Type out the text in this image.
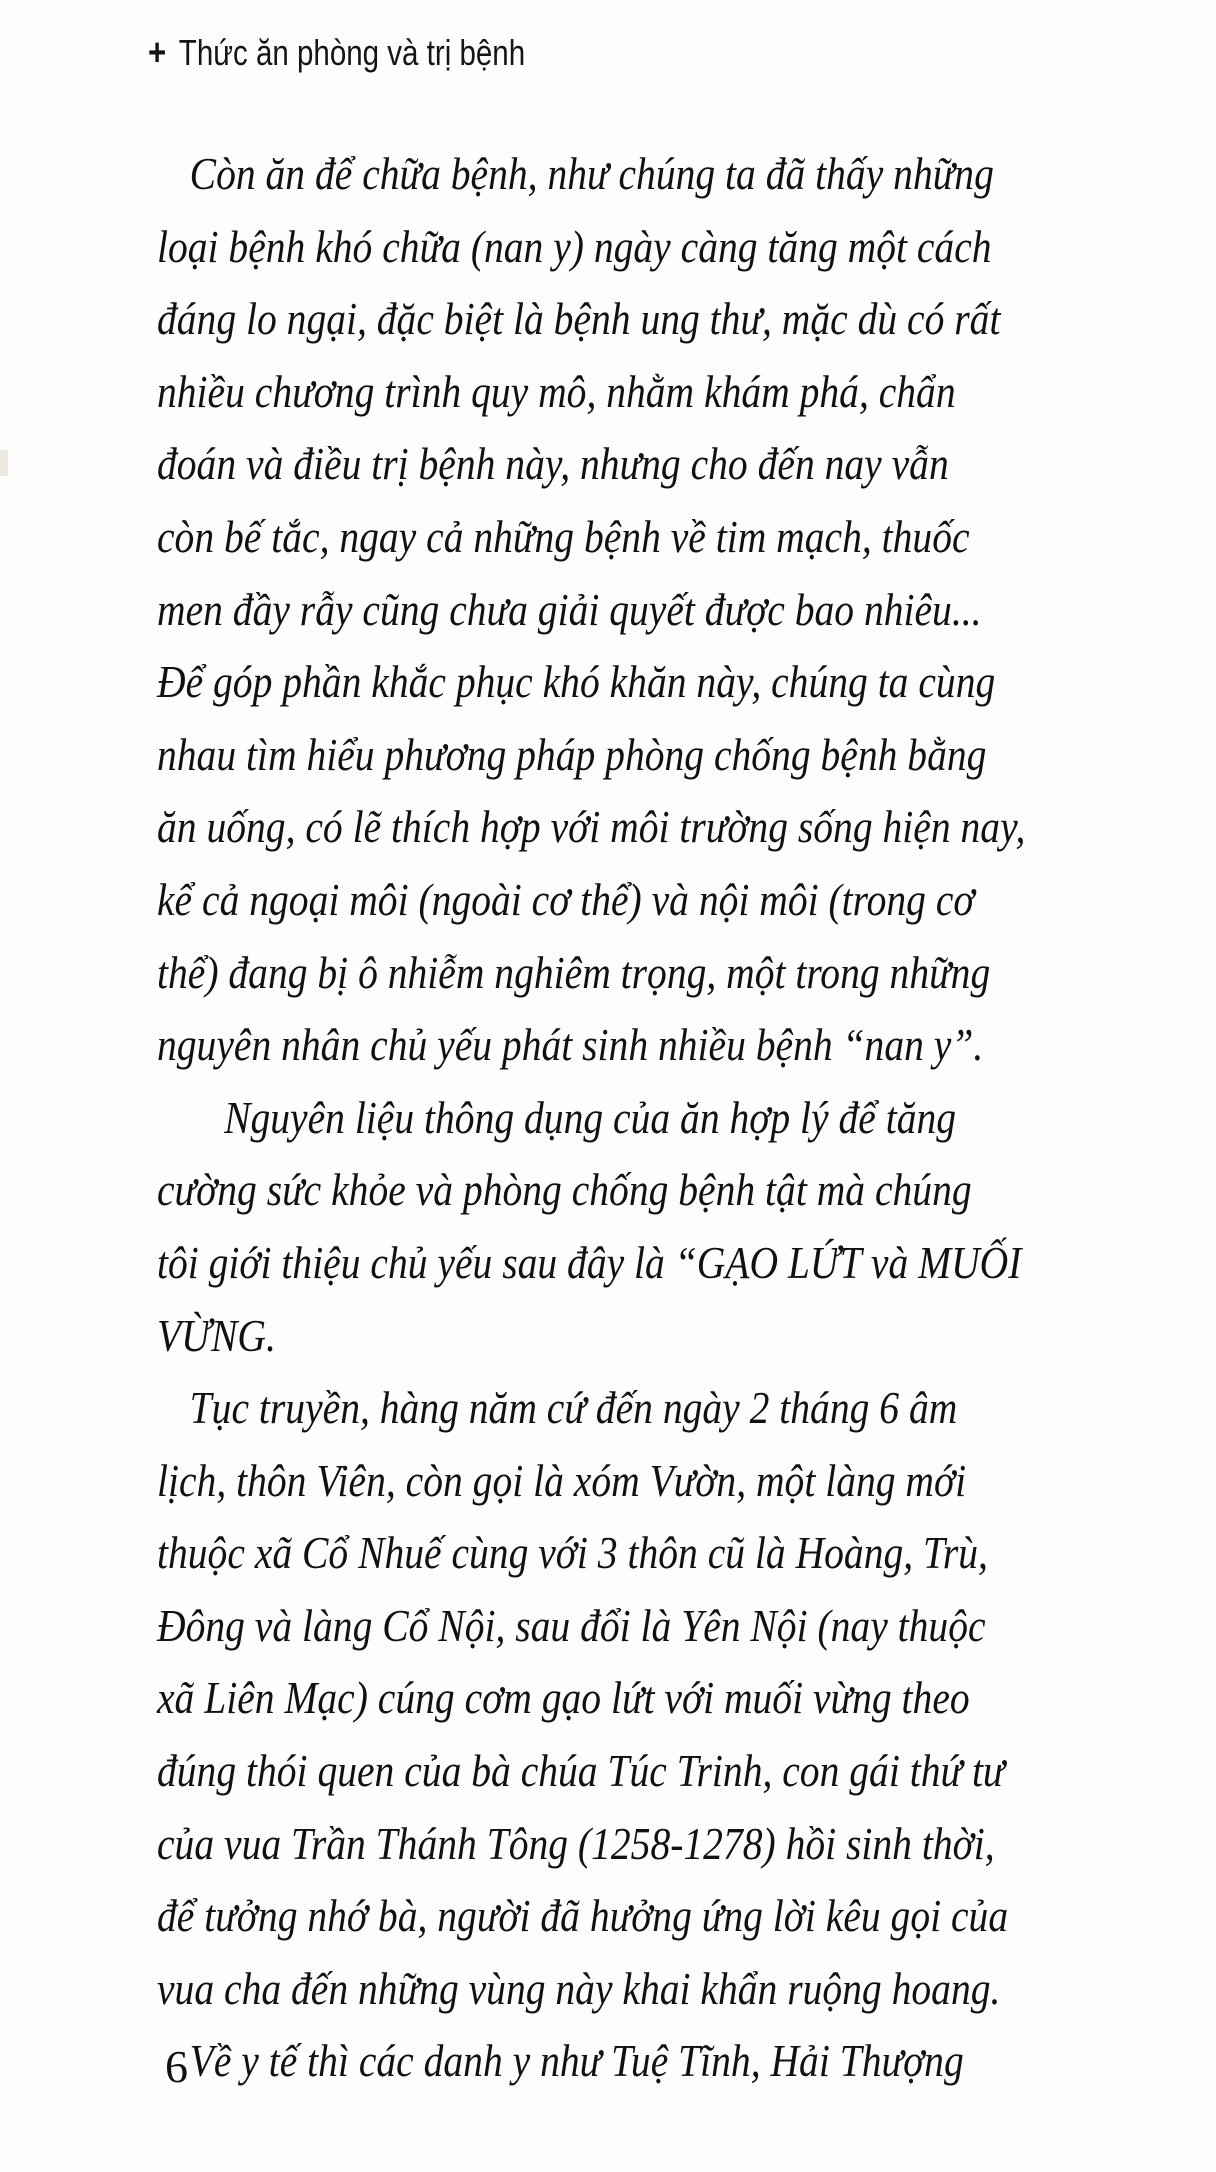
+ Thức ăn phòng và trị bệnh
Còn ăn để chữa bệnh, như chúng ta đã thấy những
loại bệnh khó chữa (nan y) ngày càng tăng một cách
đáng lo ngại, đặc biệt là bệnh ung thư, mặc dù có rất
nhiều chương trình quy mô, nhằm khám phá, chẩn
đoán và điều trị bệnh này, nhưng cho đến nay vẫn
còn bế tắc, ngay cả những bệnh về tim mạch, thuốc
men đầy rẫy cũng chưa giải quyết được bao nhiêu...
Để góp phần khắc phục khó khăn này, chúng ta cùng
nhau tìm hiểu phương pháp phòng chống bệnh bằng
ăn uống, có lẽ thích hợp với môi trường sống hiện nay,
kể cả ngoại môi (ngoài cơ thể) và nội môi (trong cơ
thể) đang bị ô nhiễm nghiêm trọng, một trong những
nguyên nhân chủ yếu phát sinh nhiều bệnh “nan y”.
Nguyên liệu thông dụng của ăn hợp lý để tăng
cường sức khỏe và phòng chống bệnh tật mà chúng
tôi giới thiệu chủ yếu sau đây là “GẠO LỨT và MUỐI
VỪNG.
Tục truyền, hàng năm cứ đến ngày 2 tháng 6 âm
lịch, thôn Viên, còn gọi là xóm Vườn, một làng mới
thuộc xã Cổ Nhuế cùng với 3 thôn cũ là Hoàng, Trù,
Đông và làng Cổ Nội, sau đổi là Yên Nội (nay thuộc
xã Liên Mạc) cúng cơm gạo lứt với muối vừng theo
đúng thói quen của bà chúa Túc Trinh, con gái thứ tư
của vua Trần Thánh Tông (1258-1278) hồi sinh thời,
để tưởng nhớ bà, người đã hưởng ứng lời kêu gọi của
vua cha đến những vùng này khai khẩn ruộng hoang.
Về y tế thì các danh y như Tuệ Tĩnh, Hải Thượng
6
